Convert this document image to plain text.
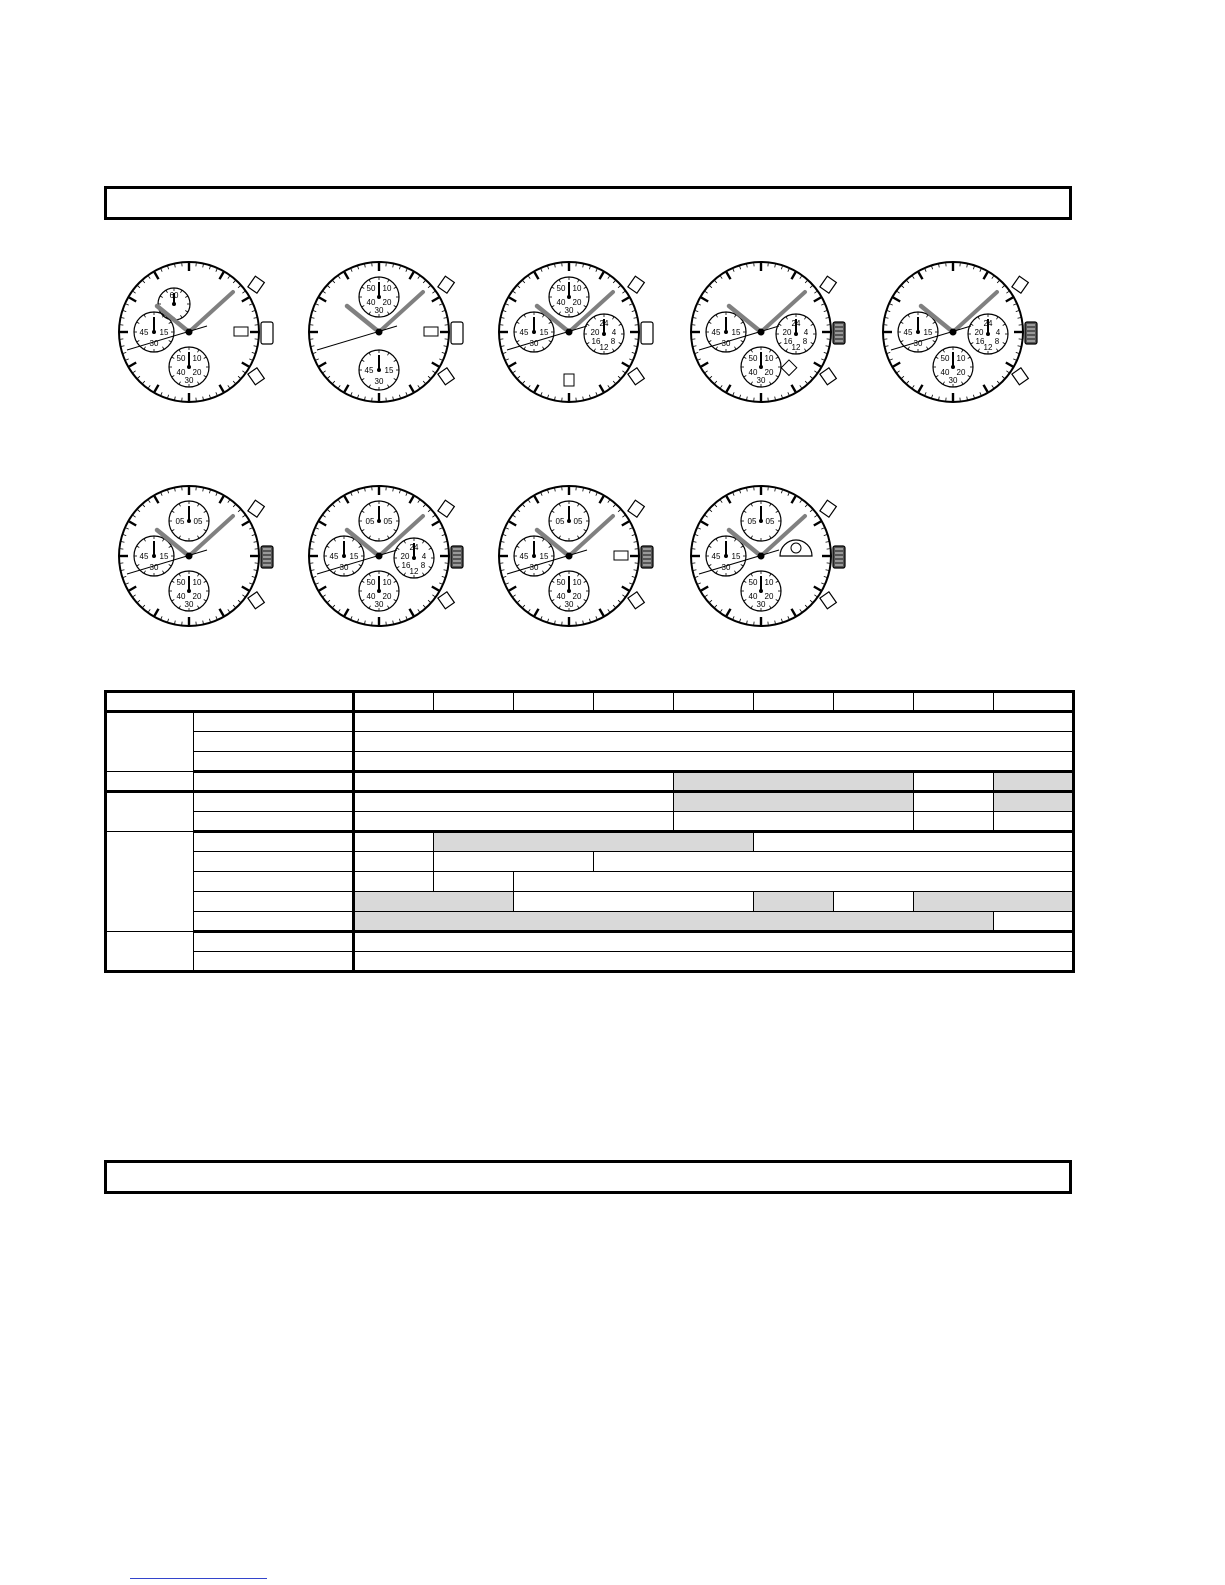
45 15
30
50 10
40 20
30
60
50 10
40 20
30
45 15
30
50 10
40 20
30
45 15
30
24
20 4
16 8
12
45 15
30
24
20 4
16 8
12
50 10
40 20
30
45 15
30
24
20 4
16 8
12
50 10
40 20
30
05 05
45 15
30
50 10
40 20
30
05 05
45 15
30
24
20 4
16 8
12
50 10
40 20
30
05 05
45 15
30
50 10
40 20
30
05 05
45 15
30
50 10
40 20
30
